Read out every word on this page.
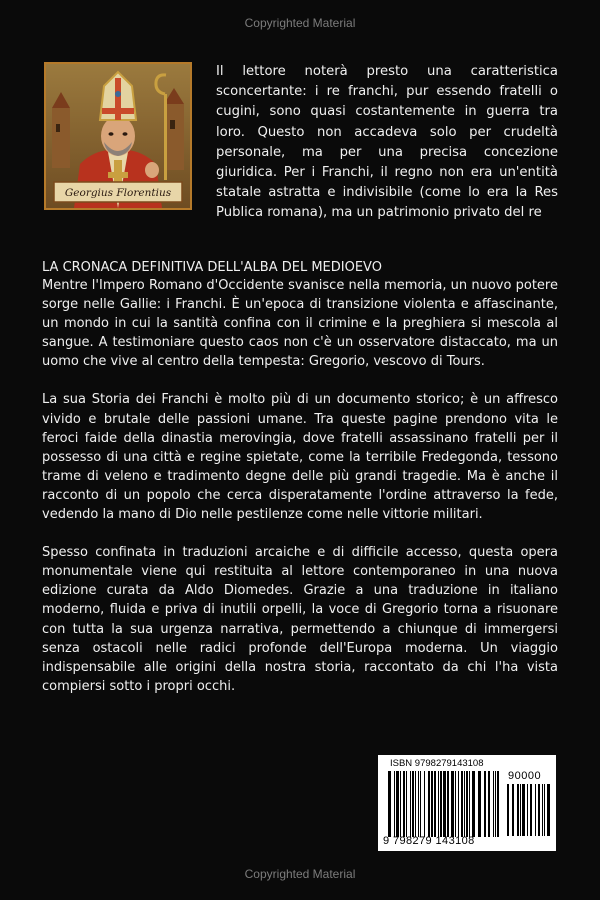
Copyrighted Material
Georgius Florentius
Il lettore noterà presto una caratteristica sconcertante: i re franchi, pur essendo fratelli o cugini, sono quasi costantemente in guerra tra loro. Questo non accadeva solo per crudeltà personale, ma per una precisa concezione giuridica. Per i Franchi, il regno non era un'entità statale astratta e indivisibile (come lo era la Res Publica romana), ma un patrimonio privato del re
LA CRONACA DEFINITIVA DELL'ALBA DEL MEDIOEVO

Mentre l'Impero Romano d'Occidente svanisce nella memoria, un nuovo potere sorge nelle Gallie: i Franchi. È un'epoca di transizione violenta e affascinante, un mondo in cui la santità confina con il crimine e la preghiera si mescola al sangue. A testimoniare questo caos non c'è un osservatore distaccato, ma un uomo che vive al centro della tempesta: Gregorio, vescovo di Tours.

La sua Storia dei Franchi è molto più di un documento storico; è un affresco vivido e brutale delle passioni umane. Tra queste pagine prendono vita le feroci faide della dinastia merovingia, dove fratelli assassinano fratelli per il possesso di una città e regine spietate, come la terribile Fredegonda, tessono trame di veleno e tradimento degne delle più grandi tragedie. Ma è anche il racconto di un popolo che cerca disperatamente l'ordine attraverso la fede, vedendo la mano di Dio nelle pestilenze come nelle vittorie militari.

Spesso confinata in traduzioni arcaiche e di difficile accesso, questa opera monumentale viene qui restituita al lettore contemporaneo in una nuova edizione curata da Aldo Diomedes. Grazie a una traduzione in italiano moderno, fluida e priva di inutili orpelli, la voce di Gregorio torna a risuonare con tutta la sua urgenza narrativa, permettendo a chiunque di immergersi senza ostacoli nelle radici profonde dell'Europa moderna. Un viaggio indispensabile alle origini della nostra storia, raccontato da chi l'ha vista compiersi sotto i propri occhi.

ISBN 9798279143108
90000
9 798279 143108
Copyrighted Material
